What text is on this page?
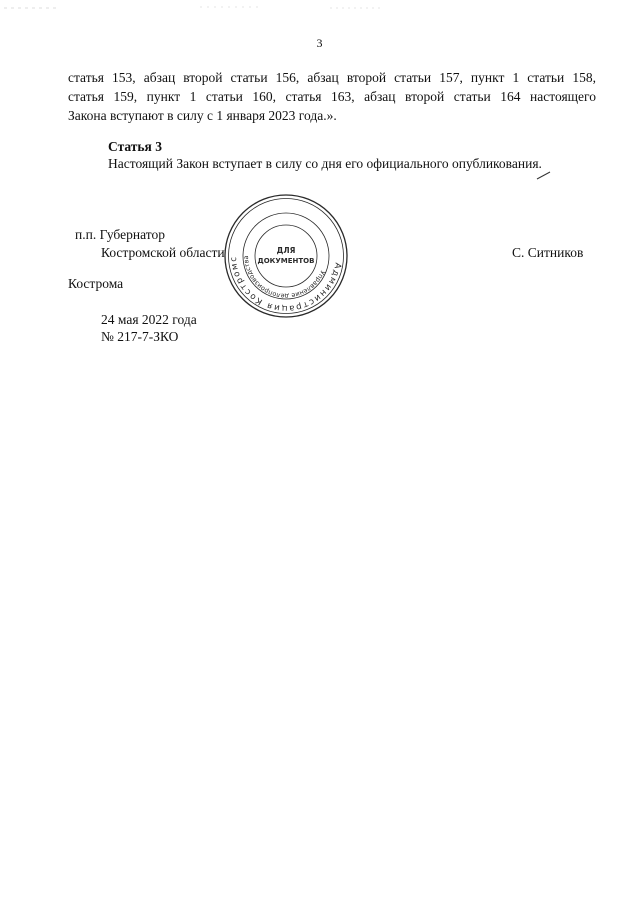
3
статья 153, абзац второй статьи 156, абзац второй статьи 157, пункт 1 статьи 158,
статья 159, пункт 1 статьи 160, статья 163, абзац второй статьи 164 настоящего
Закона вступают в силу с 1 января 2023 года.».
Статья 3
Настоящий Закон вступает в силу со дня его официального опубликования.
п.п. Губернатор
Костромской области	С. Ситников
Администрация Костромс
Управление делопроизводства
ДЛЯ
ДОКУМЕНТОВ
Кострома
24 мая 2022 года
№ 217-7-ЗКО
